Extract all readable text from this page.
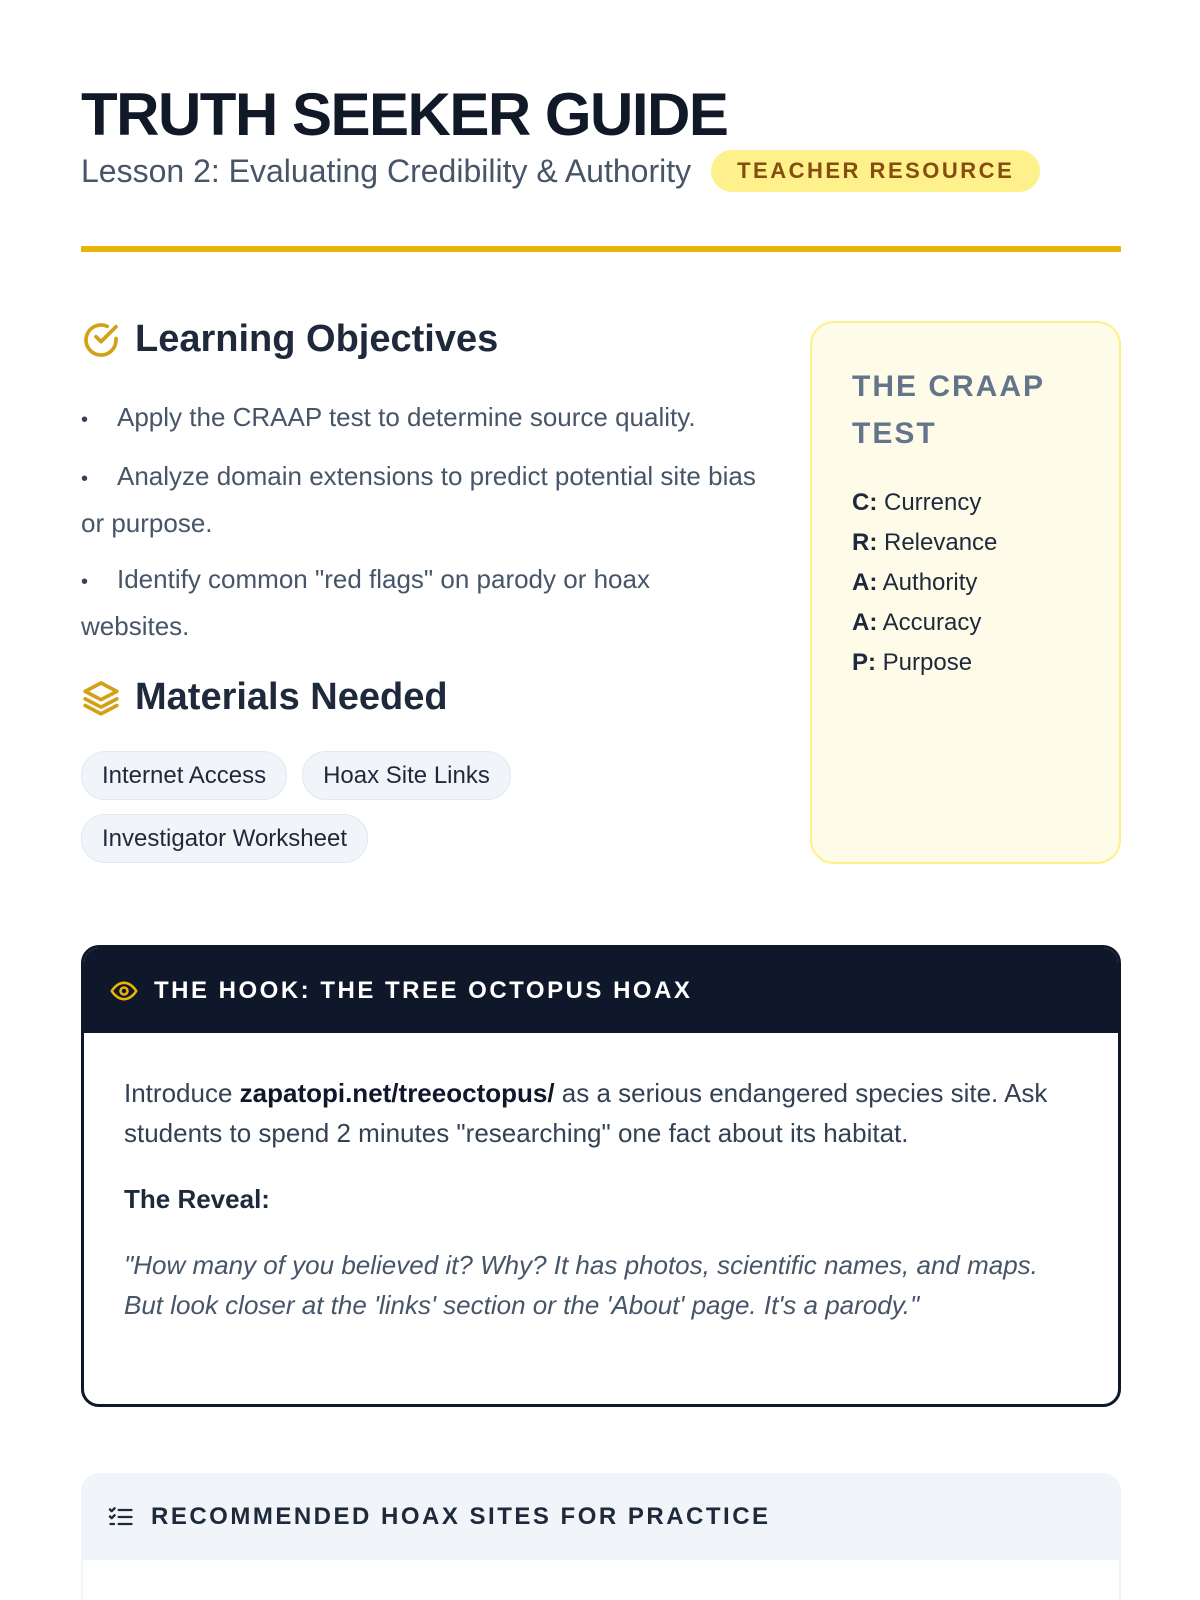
TRUTH SEEKER GUIDE
Lesson 2: Evaluating Credibility & Authority	TEACHER RESOURCE
Learning Objectives
• Apply the CRAAP test to determine source quality.
• Analyze domain extensions to predict potential site bias or purpose.
• Identify common "red flags" on parody or hoax websites.
Materials Needed
Internet Access	Hoax Site Links
Investigator Worksheet
THE CRAAP TEST
C: Currency
R: Relevance
A: Authority
A: Accuracy
P: Purpose
THE HOOK: THE TREE OCTOPUS HOAX

Introduce zapatopi.net/treeoctopus/ as a serious endangered species site. Ask students to spend 2 minutes "researching" one fact about its habitat.

The Reveal:

"How many of you believed it? Why? It has photos, scientific names, and maps. But look closer at the 'links' section or the 'About' page. It's a parody."

RECOMMENDED HOAX SITES FOR PRACTICE
